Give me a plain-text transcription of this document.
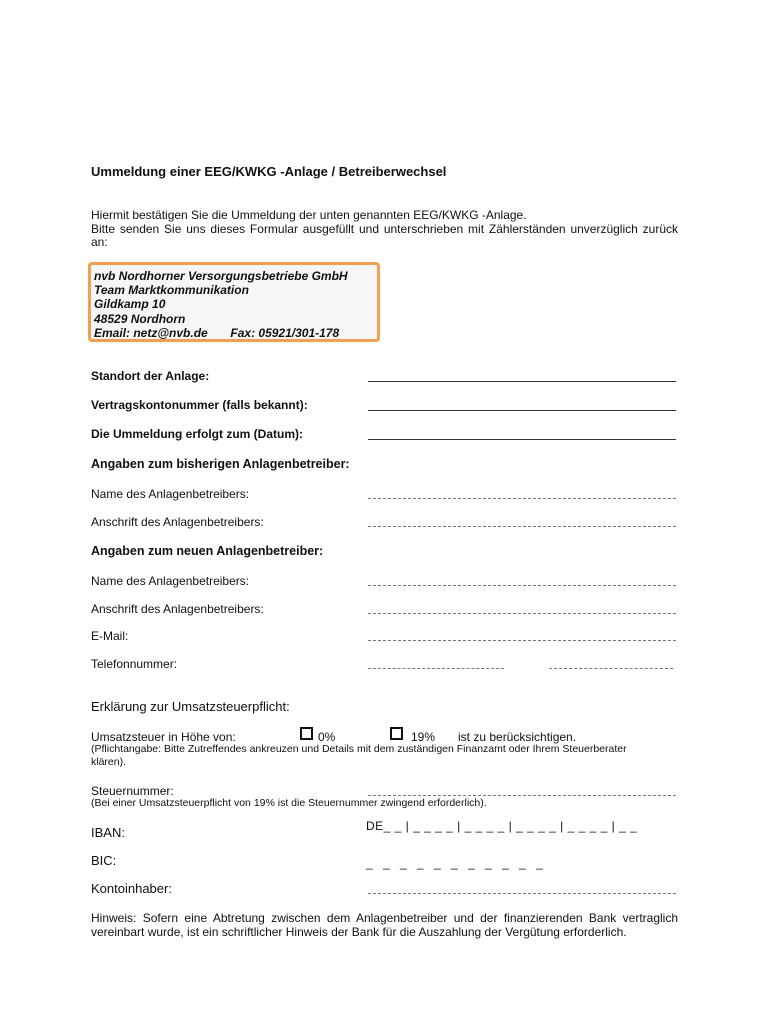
Ummeldung einer EEG/KWKG -Anlage / Betreiberwechsel
Hiermit bestätigen Sie die Ummeldung der unten genannten EEG/KWKG -Anlage.
Bitte senden Sie uns dieses Formular ausgefüllt und unterschrieben mit Zählerständen unverzüglich zurück an:
nvb Nordhorner Versorgungsbetriebe GmbH
Team Marktkommunikation
Gildkamp 10
48529 Nordhorn
Email: netz@nvb.de Fax: 05921/301-178
Standort der Anlage:
Vertragskontonummer (falls bekannt):
Die Ummeldung erfolgt zum (Datum):
Angaben zum bisherigen Anlagenbetreiber:
Name des Anlagenbetreibers:
Anschrift des Anlagenbetreibers:
Angaben zum neuen Anlagenbetreiber:
Name des Anlagenbetreibers:
Anschrift des Anlagenbetreibers:
E-Mail:
Telefonnummer:
Erklärung zur Umsatzsteuerpflicht:
Umsatzsteuer in Höhe von:	0%	19% ist zu berücksichtigen.
(Pflichtangabe: Bitte Zutreffendes ankreuzen und Details mit dem zuständigen Finanzamt oder Ihrem Steuerberater klären).
Steuernummer:
(Bei einer Umsatzsteuerpflicht von 19% ist die Steuernummer zwingend erforderlich).
IBAN:	DE_ _ | _ _ _ _ | _ _ _ _ | _ _ _ _ | _ _ _ _ | _ _
BIC:	_ _ _ _ _ _ _ _ _ _ _
Kontoinhaber:
Hinweis: Sofern eine Abtretung zwischen dem Anlagenbetreiber und der finanzierenden Bank vertraglich vereinbart wurde, ist ein schriftlicher Hinweis der Bank für die Auszahlung der Vergütung erforderlich.
